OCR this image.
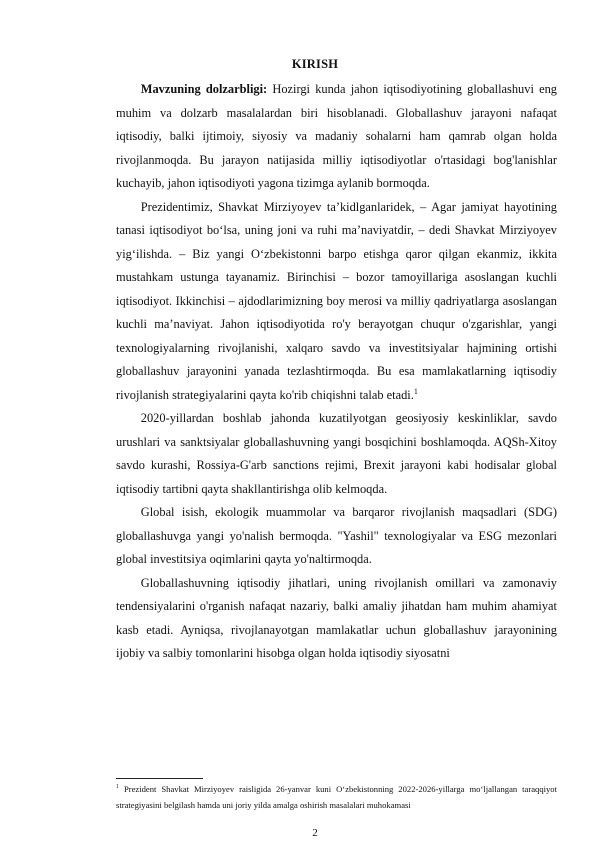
KIRISH

  Mavzuning dolzarbligi: Hozirgi kunda jahon iqtisodiyotining globallashuvi eng muhim va dolzarb masalalardan biri hisoblanadi. Globallashuv jarayoni nafaqat iqtisodiy, balki ijtimoiy, siyosiy va madaniy sohalarni ham qamrab olgan holda rivojlanmoqda. Bu jarayon natijasida milliy iqtisodiyotlar o'rtasidagi bog'lanishlar kuchayib, jahon iqtisodiyoti yagona tizimga aylanib bormoqda.

  Prezidentimiz, Shavkat Mirziyoyev ta’kidlganlaridek, – Agar jamiyat hayotining tanasi iqtisodiyot bo‘lsa, uning joni va ruhi ma’naviyatdir, – dedi Shavkat Mirziyoyev yig‘ilishda. – Biz yangi O‘zbekistonni barpo etishga qaror qilgan ekanmiz, ikkita mustahkam ustunga tayanamiz. Birinchisi – bozor tamoyillariga asoslangan kuchli iqtisodiyot. Ikkinchisi – ajdodlarimizning boy merosi va milliy qadriyatlarga asoslangan kuchli ma’naviyat. Jahon iqtisodiyotida ro'y berayotgan chuqur o'zgarishlar, yangi texnologiyalarning rivojlanishi, xalqaro savdo va investitsiyalar hajmining ortishi globallashuv jarayonini yanada tezlashtirmoqda. Bu esa mamlakatlarning iqtisodiy rivojlanish strategiyalarini qayta ko'rib chiqishni talab etadi.$^1$

  2020-yillardan boshlab jahonda kuzatilyotgan geosiyosiy keskinliklar, savdo urushlari va sanktsiyalar globallashuvning yangi bosqichini boshlamoqda. AQSh-Xitoy savdo kurashi, Rossiya-G'arb sanctions rejimi, Brexit jarayoni kabi hodisalar global iqtisodiy tartibni qayta shakllantirishga olib kelmoqda.

  Global isish, ekologik muammolar va barqaror rivojlanish maqsadlari (SDG) globallashuvga yangi yo'nalish bermoqda. "Yashil" texnologiyalar va ESG mezonlari global investitsiya oqimlarini qayta yo'naltirmoqda.

  Globallashuvning iqtisodiy jihatlari, uning rivojlanish omillari va zamonaviy tendensiyalarini o'rganish nafaqat nazariy, balki amaliy jihatdan ham muhim ahamiyat kasb etadi. Ayniqsa, rivojlanayotgan mamlakatlar uchun globallashuv jarayonining ijobiy va salbiy tomonlarini hisobga olgan holda iqtisodiy siyosatni

$^1$ Prezident Shavkat Mirziyoyev raisligida 26-yanvar kuni O‘zbekistonning 2022-2026-yillarga mo‘ljallangan taraqqiyot strategiyasini belgilash hamda uni joriy yilda amalga oshirish masalalari muhokamasi
2
